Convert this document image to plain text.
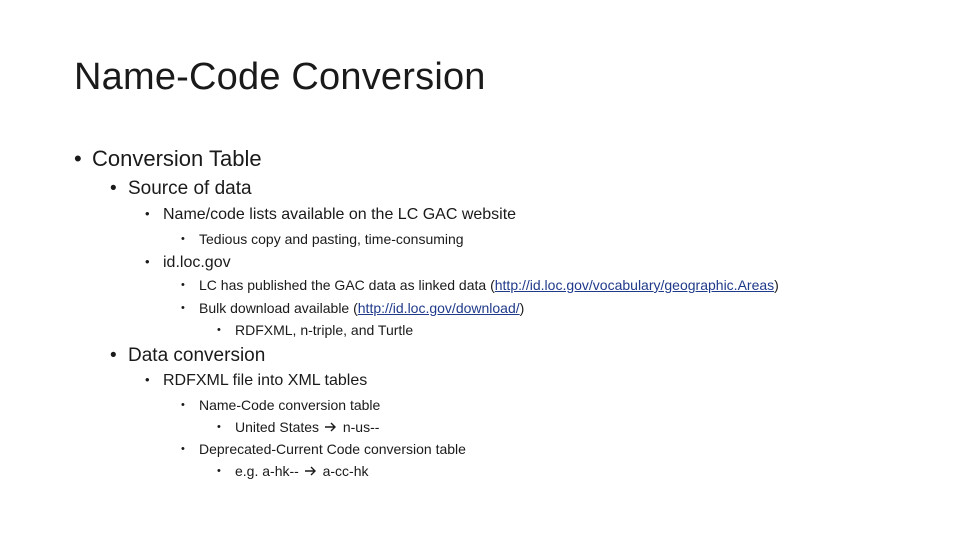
Name-Code Conversion
• Conversion Table
• Source of data
• Name/code lists available on the LC GAC website
• Tedious copy and pasting, time-consuming
• id.loc.gov
• LC has published the GAC data as linked data (http://id.loc.gov/vocabulary/geographic.Areas)
• Bulk download available (http://id.loc.gov/download/)
• RDFXML, n-triple, and Turtle
• Data conversion
• RDFXML file into XML tables
• Name-Code conversion table
• United States n-us--
• Deprecated-Current Code conversion table
• e.g. a-hk-- a-cc-hk
